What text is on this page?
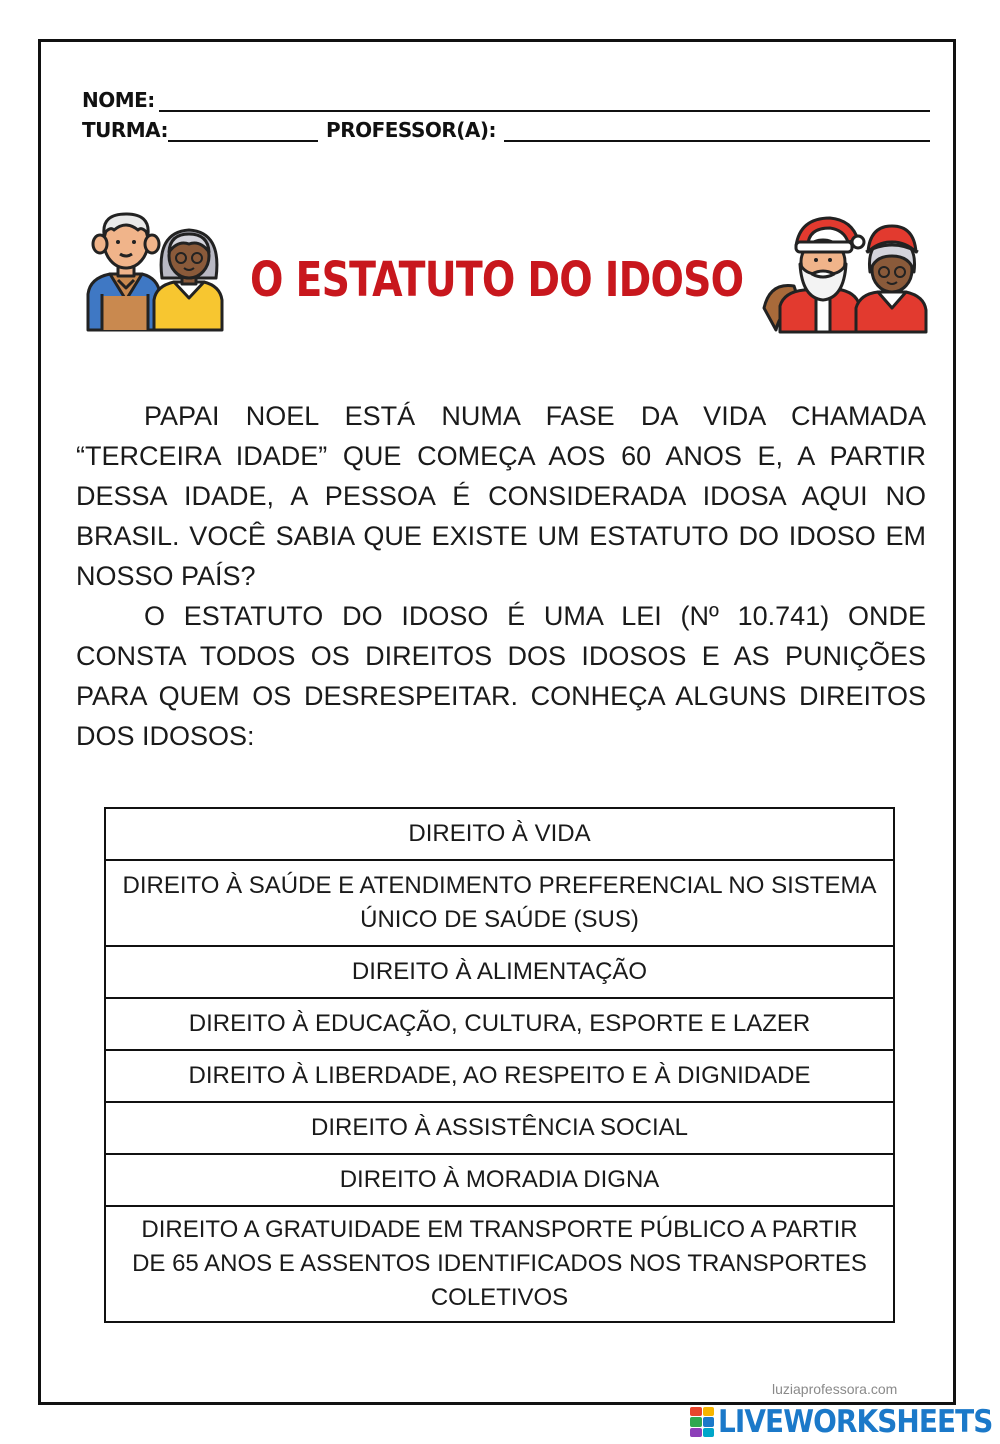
NOME:
TURMA:	PROFESSOR(A):
O ESTATUTO DO IDOSO

PAPAI NOEL ESTÁ NUMA FASE DA VIDA CHAMADA “TERCEIRA IDADE” QUE COMEÇA AOS 60 ANOS E, A PARTIR DESSA IDADE, A PESSOA É CONSIDERADA IDOSA AQUI NO BRASIL. VOCÊ SABIA QUE EXISTE UM ESTATUTO DO IDOSO EM NOSSO PAÍS?

O ESTATUTO DO IDOSO É UMA LEI (Nº 10.741) ONDE CONSTA TODOS OS DIREITOS DOS IDOSOS E AS PUNIÇÕES PARA QUEM OS DESRESPEITAR. CONHEÇA ALGUNS DIREITOS DOS IDOSOS:

DIREITO À VIDA
DIREITO À SAÚDE E ATENDIMENTO PREFERENCIAL NO SISTEMA ÚNICO DE SAÚDE (SUS)
DIREITO À ALIMENTAÇÃO
DIREITO À EDUCAÇÃO, CULTURA, ESPORTE E LAZER
DIREITO À LIBERDADE, AO RESPEITO E À DIGNIDADE
DIREITO À ASSISTÊNCIA SOCIAL
DIREITO À MORADIA DIGNA
DIREITO A GRATUIDADE EM TRANSPORTE PÚBLICO A PARTIR DE 65 ANOS E ASSENTOS IDENTIFICADOS NOS TRANSPORTES COLETIVOS
luziaprofessora.com
LIVEWORKSHEETS
